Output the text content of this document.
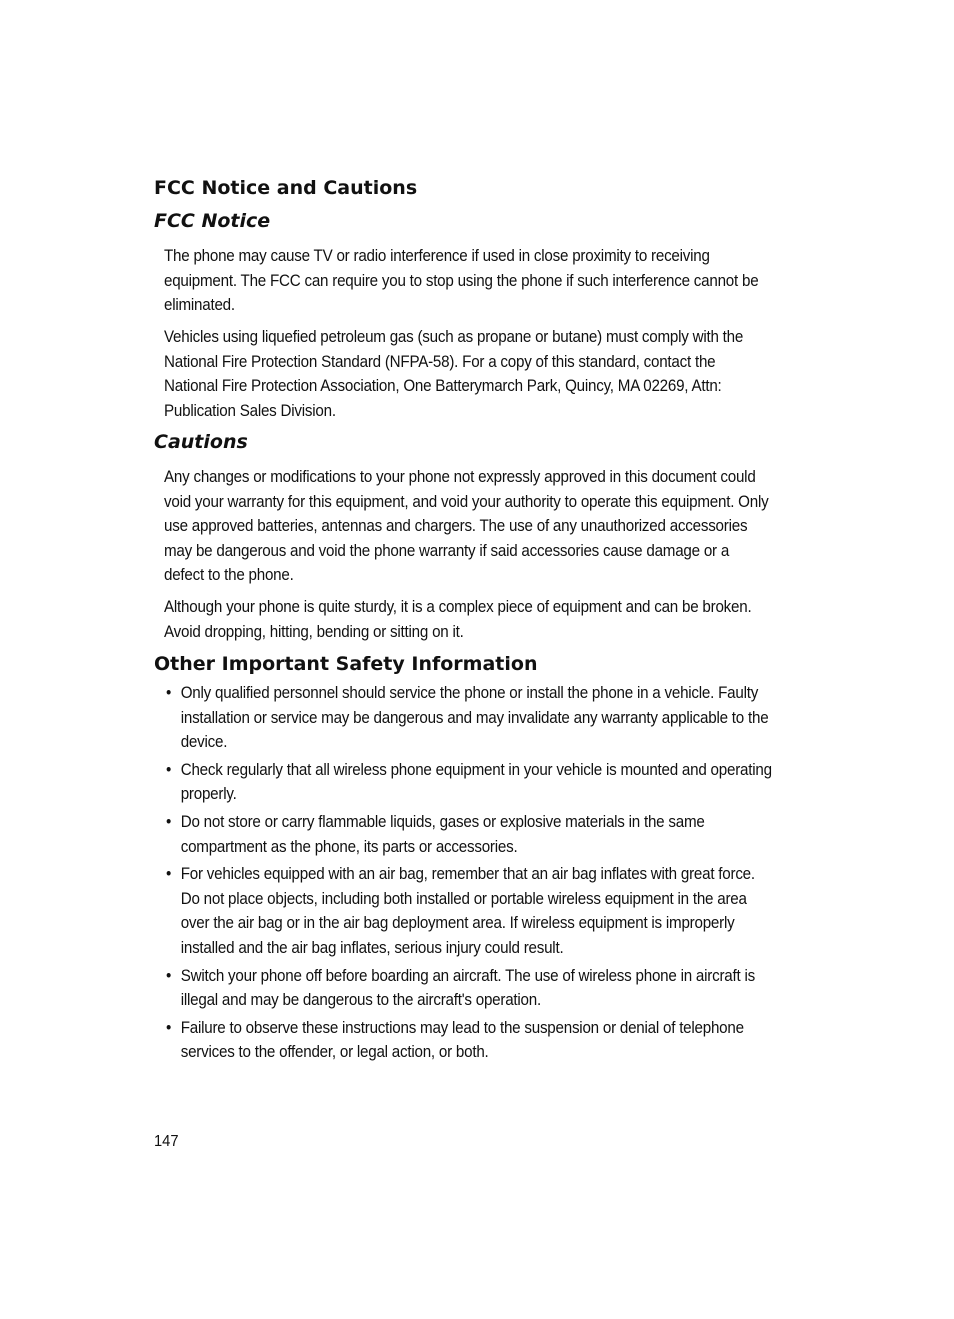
FCC Notice and Cautions
FCC Notice

The phone may cause TV or radio interference if used in close proximity to receiving equipment. The FCC can require you to stop using the phone if such interference cannot be eliminated.

Vehicles using liquefied petroleum gas (such as propane or butane) must comply with the National Fire Protection Standard (NFPA-58). For a copy of this standard, contact the National Fire Protection Association, One Batterymarch Park, Quincy, MA 02269, Attn: Publication Sales Division.

Cautions

Any changes or modifications to your phone not expressly approved in this document could void your warranty for this equipment, and void your authority to operate this equipment. Only use approved batteries, antennas and chargers. The use of any unauthorized accessories may be dangerous and void the phone warranty if said accessories cause damage or a defect to the phone.

Although your phone is quite sturdy, it is a complex piece of equipment and can be broken. Avoid dropping, hitting, bending or sitting on it.

Other Important Safety Information
• Only qualified personnel should service the phone or install the phone in a vehicle. Faulty installation or service may be dangerous and may invalidate any warranty applicable to the device.
• Check regularly that all wireless phone equipment in your vehicle is mounted and operating properly.
• Do not store or carry flammable liquids, gases or explosive materials in the same compartment as the phone, its parts or accessories.
• For vehicles equipped with an air bag, remember that an air bag inflates with great force. Do not place objects, including both installed or portable wireless equipment in the area over the air bag or in the air bag deployment area. If wireless equipment is improperly installed and the air bag inflates, serious injury could result.
• Switch your phone off before boarding an aircraft. The use of wireless phone in aircraft is illegal and may be dangerous to the aircraft's operation.
• Failure to observe these instructions may lead to the suspension or denial of telephone services to the offender, or legal action, or both.

147
